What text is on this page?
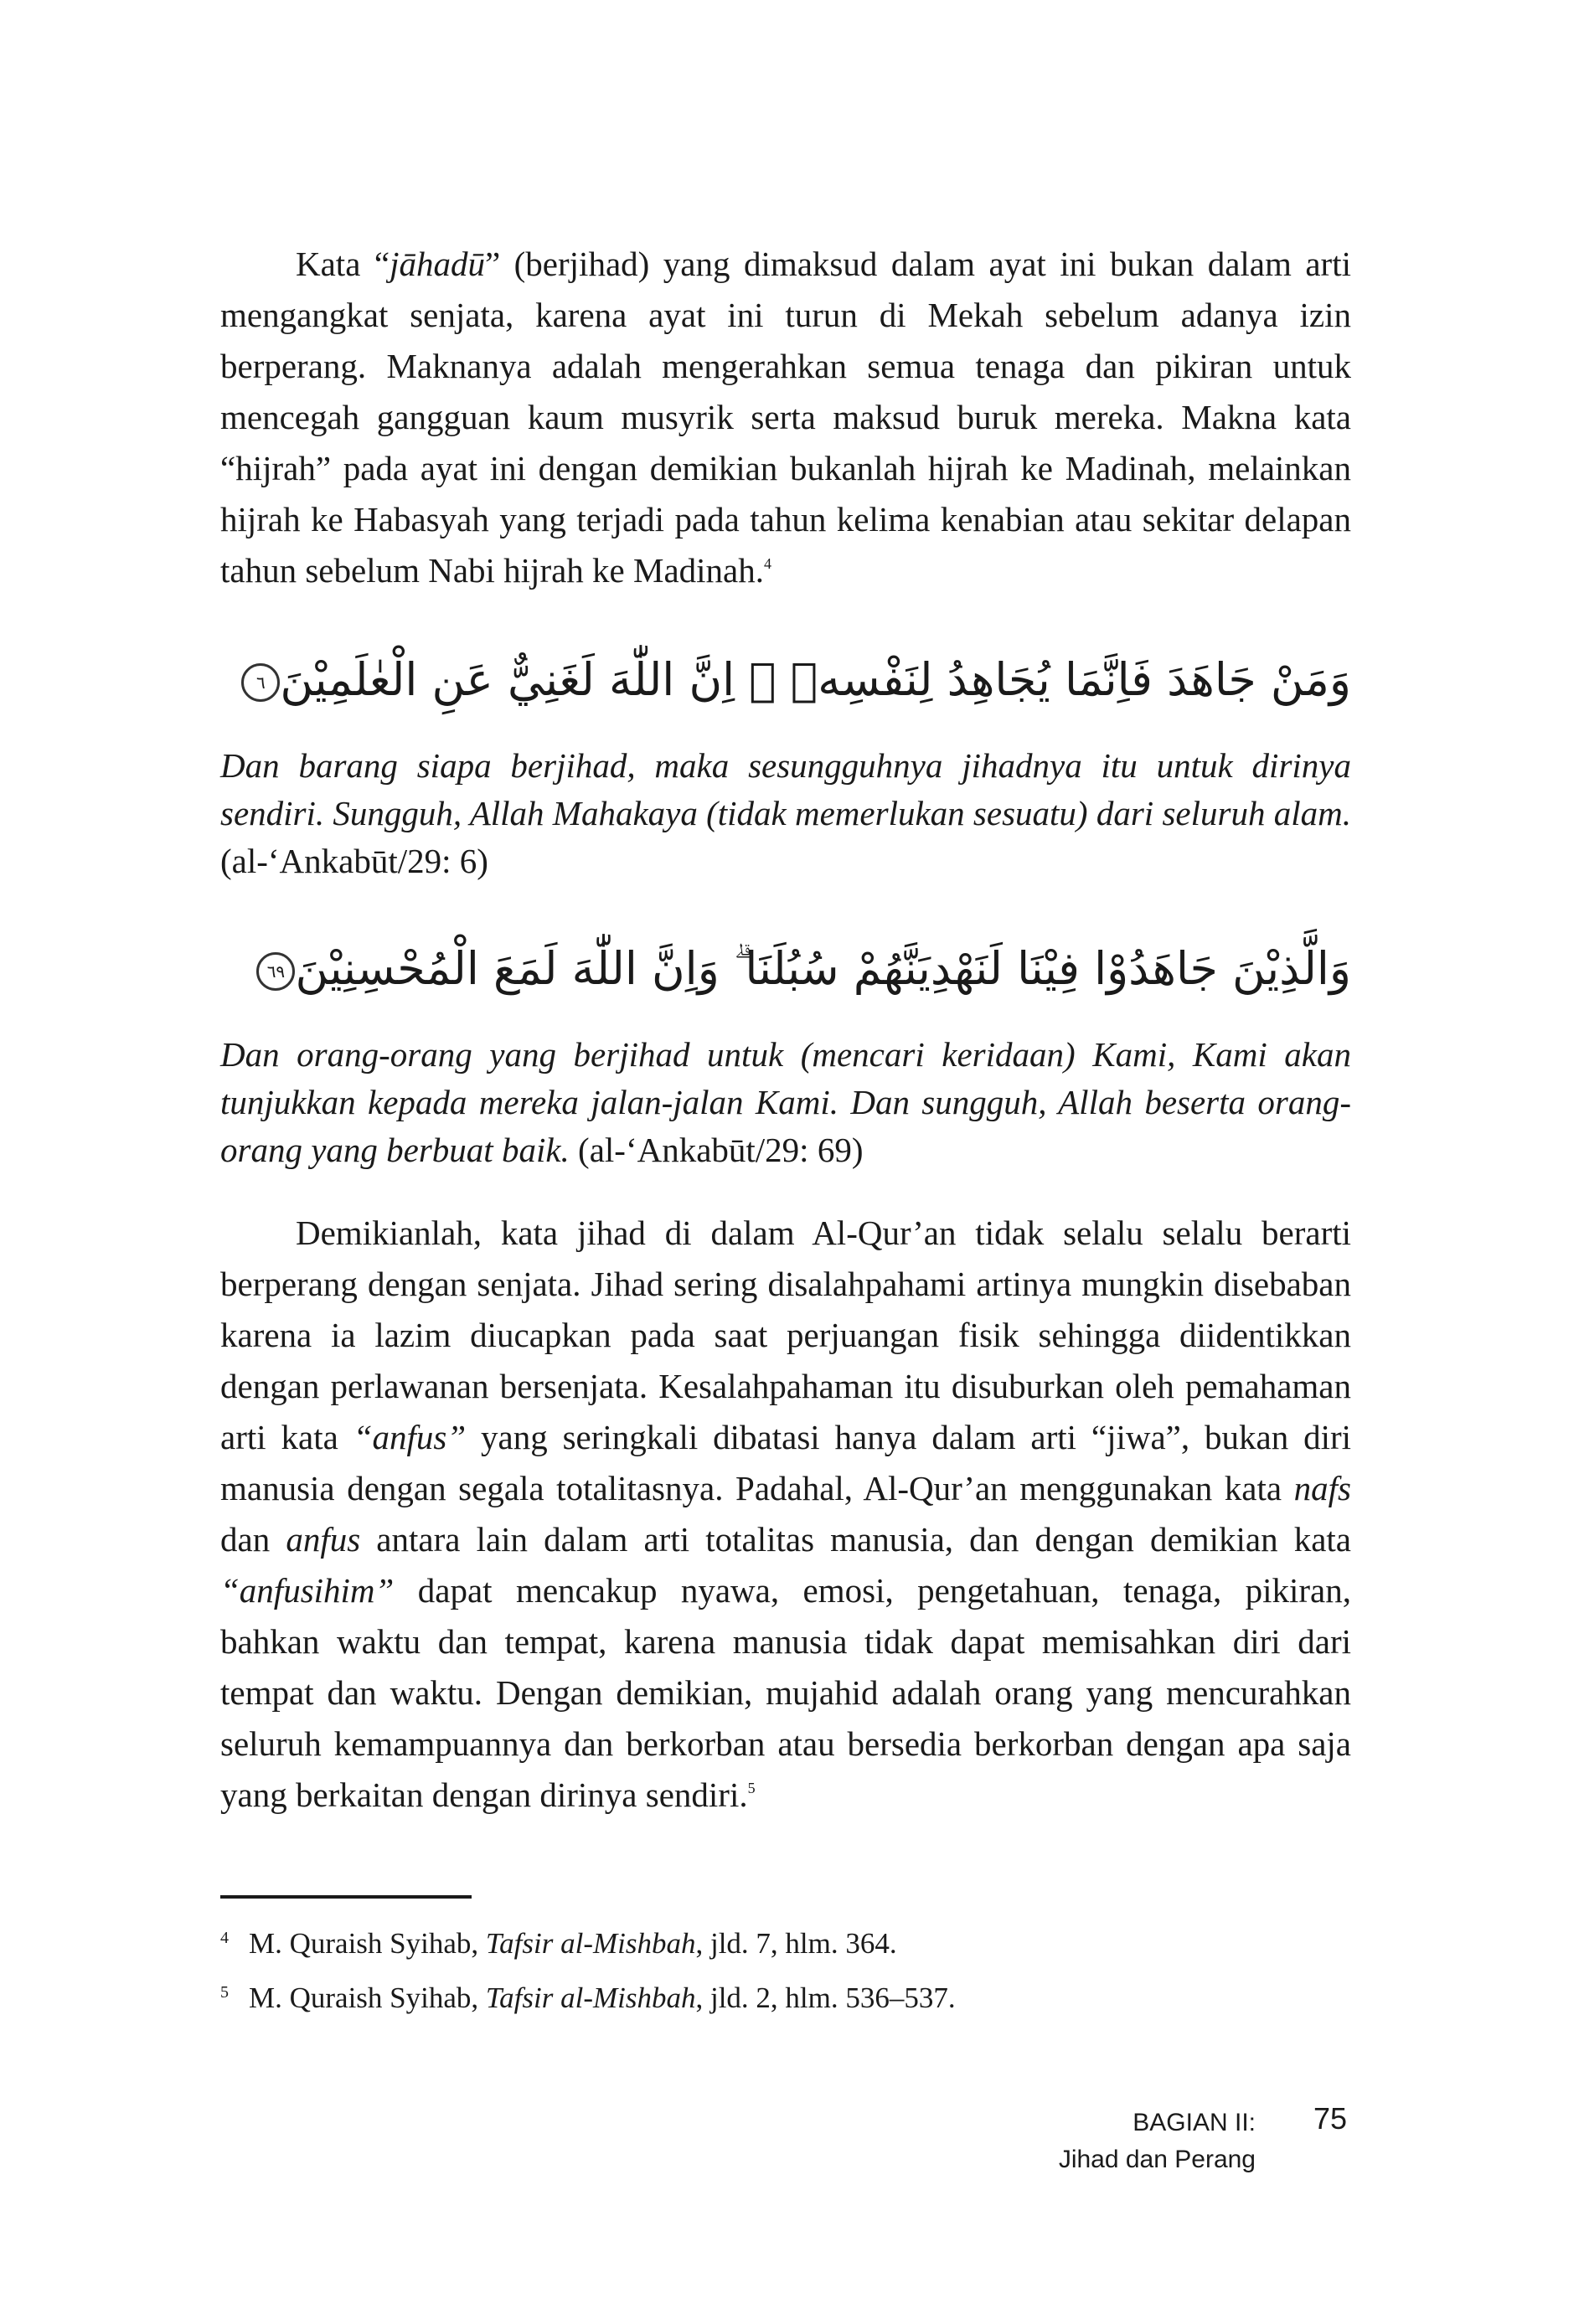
Kata “jāhadū” (berjihad) yang dimaksud dalam ayat ini bukan dalam arti mengangkat senjata, karena ayat ini turun di Mekah sebelum adanya izin berperang. Maknanya adalah mengerahkan semua tenaga dan pikiran untuk mencegah gangguan kaum musyrik serta maksud buruk mereka. Makna kata “hijrah” pada ayat ini dengan demikian bukanlah hijrah ke Madinah, melainkan hijrah ke Habasyah yang terjadi pada tahun kelima kenabian atau sekitar delapan tahun sebelum Nabi hijrah ke Madinah.$^4$

وَمَنْ جَاهَدَ فَاِنَّمَا يُجَاهِدُ لِنَفْسِهٖ ۗ اِنَّ اللّٰهَ لَغَنِيٌّ عَنِ الْعٰلَمِيْنَ٦

Dan barang siapa berjihad, maka sesungguhnya jihadnya itu untuk dirinya sendiri. Sungguh, Allah Mahakaya (tidak memerlukan sesuatu) dari seluruh alam. (al-‘Ankabūt/29: 6)

وَالَّذِيْنَ جَاهَدُوْا فِيْنَا لَنَهْدِيَنَّهُمْ سُبُلَنَا ۗ وَاِنَّ اللّٰهَ لَمَعَ الْمُحْسِنِيْنَ٦٩

Dan orang-orang yang berjihad untuk (mencari keridaan) Kami, Kami akan tunjukkan kepada mereka jalan-jalan Kami. Dan sungguh, Allah beserta orang-orang yang berbuat baik. (al-‘Ankabūt/29: 69)

Demikianlah, kata jihad di dalam Al-Qur’an tidak selalu selalu berarti berperang dengan senjata. Jihad sering disalahpahami artinya mungkin disebaban karena ia lazim diucapkan pada saat perjuangan fisik sehingga diidentikkan dengan perlawanan bersenjata. Kesalahpahaman itu disuburkan oleh pemahaman arti kata “anfus” yang seringkali dibatasi hanya dalam arti “jiwa”, bukan diri manusia dengan segala totalitasnya. Padahal, Al-Qur’an menggunakan kata nafs dan anfus antara lain dalam arti totalitas manusia, dan dengan demikian kata “anfusihim” dapat mencakup nyawa, emosi, pengetahuan, tenaga, pikiran, bahkan waktu dan tempat, karena manusia tidak dapat memisahkan diri dari tempat dan waktu. Dengan demikian, mujahid adalah orang yang mencurahkan seluruh kemampuannya dan berkorban atau bersedia berkorban dengan apa saja yang berkaitan dengan dirinya sendiri.$^5$

4 M. Quraish Syihab, Tafsir al-Mishbah, jld. 7, hlm. 364.

5 M. Quraish Syihab, Tafsir al-Mishbah, jld. 2, hlm. 536–537.

BAGIAN II:
Jihad dan Perang
75
